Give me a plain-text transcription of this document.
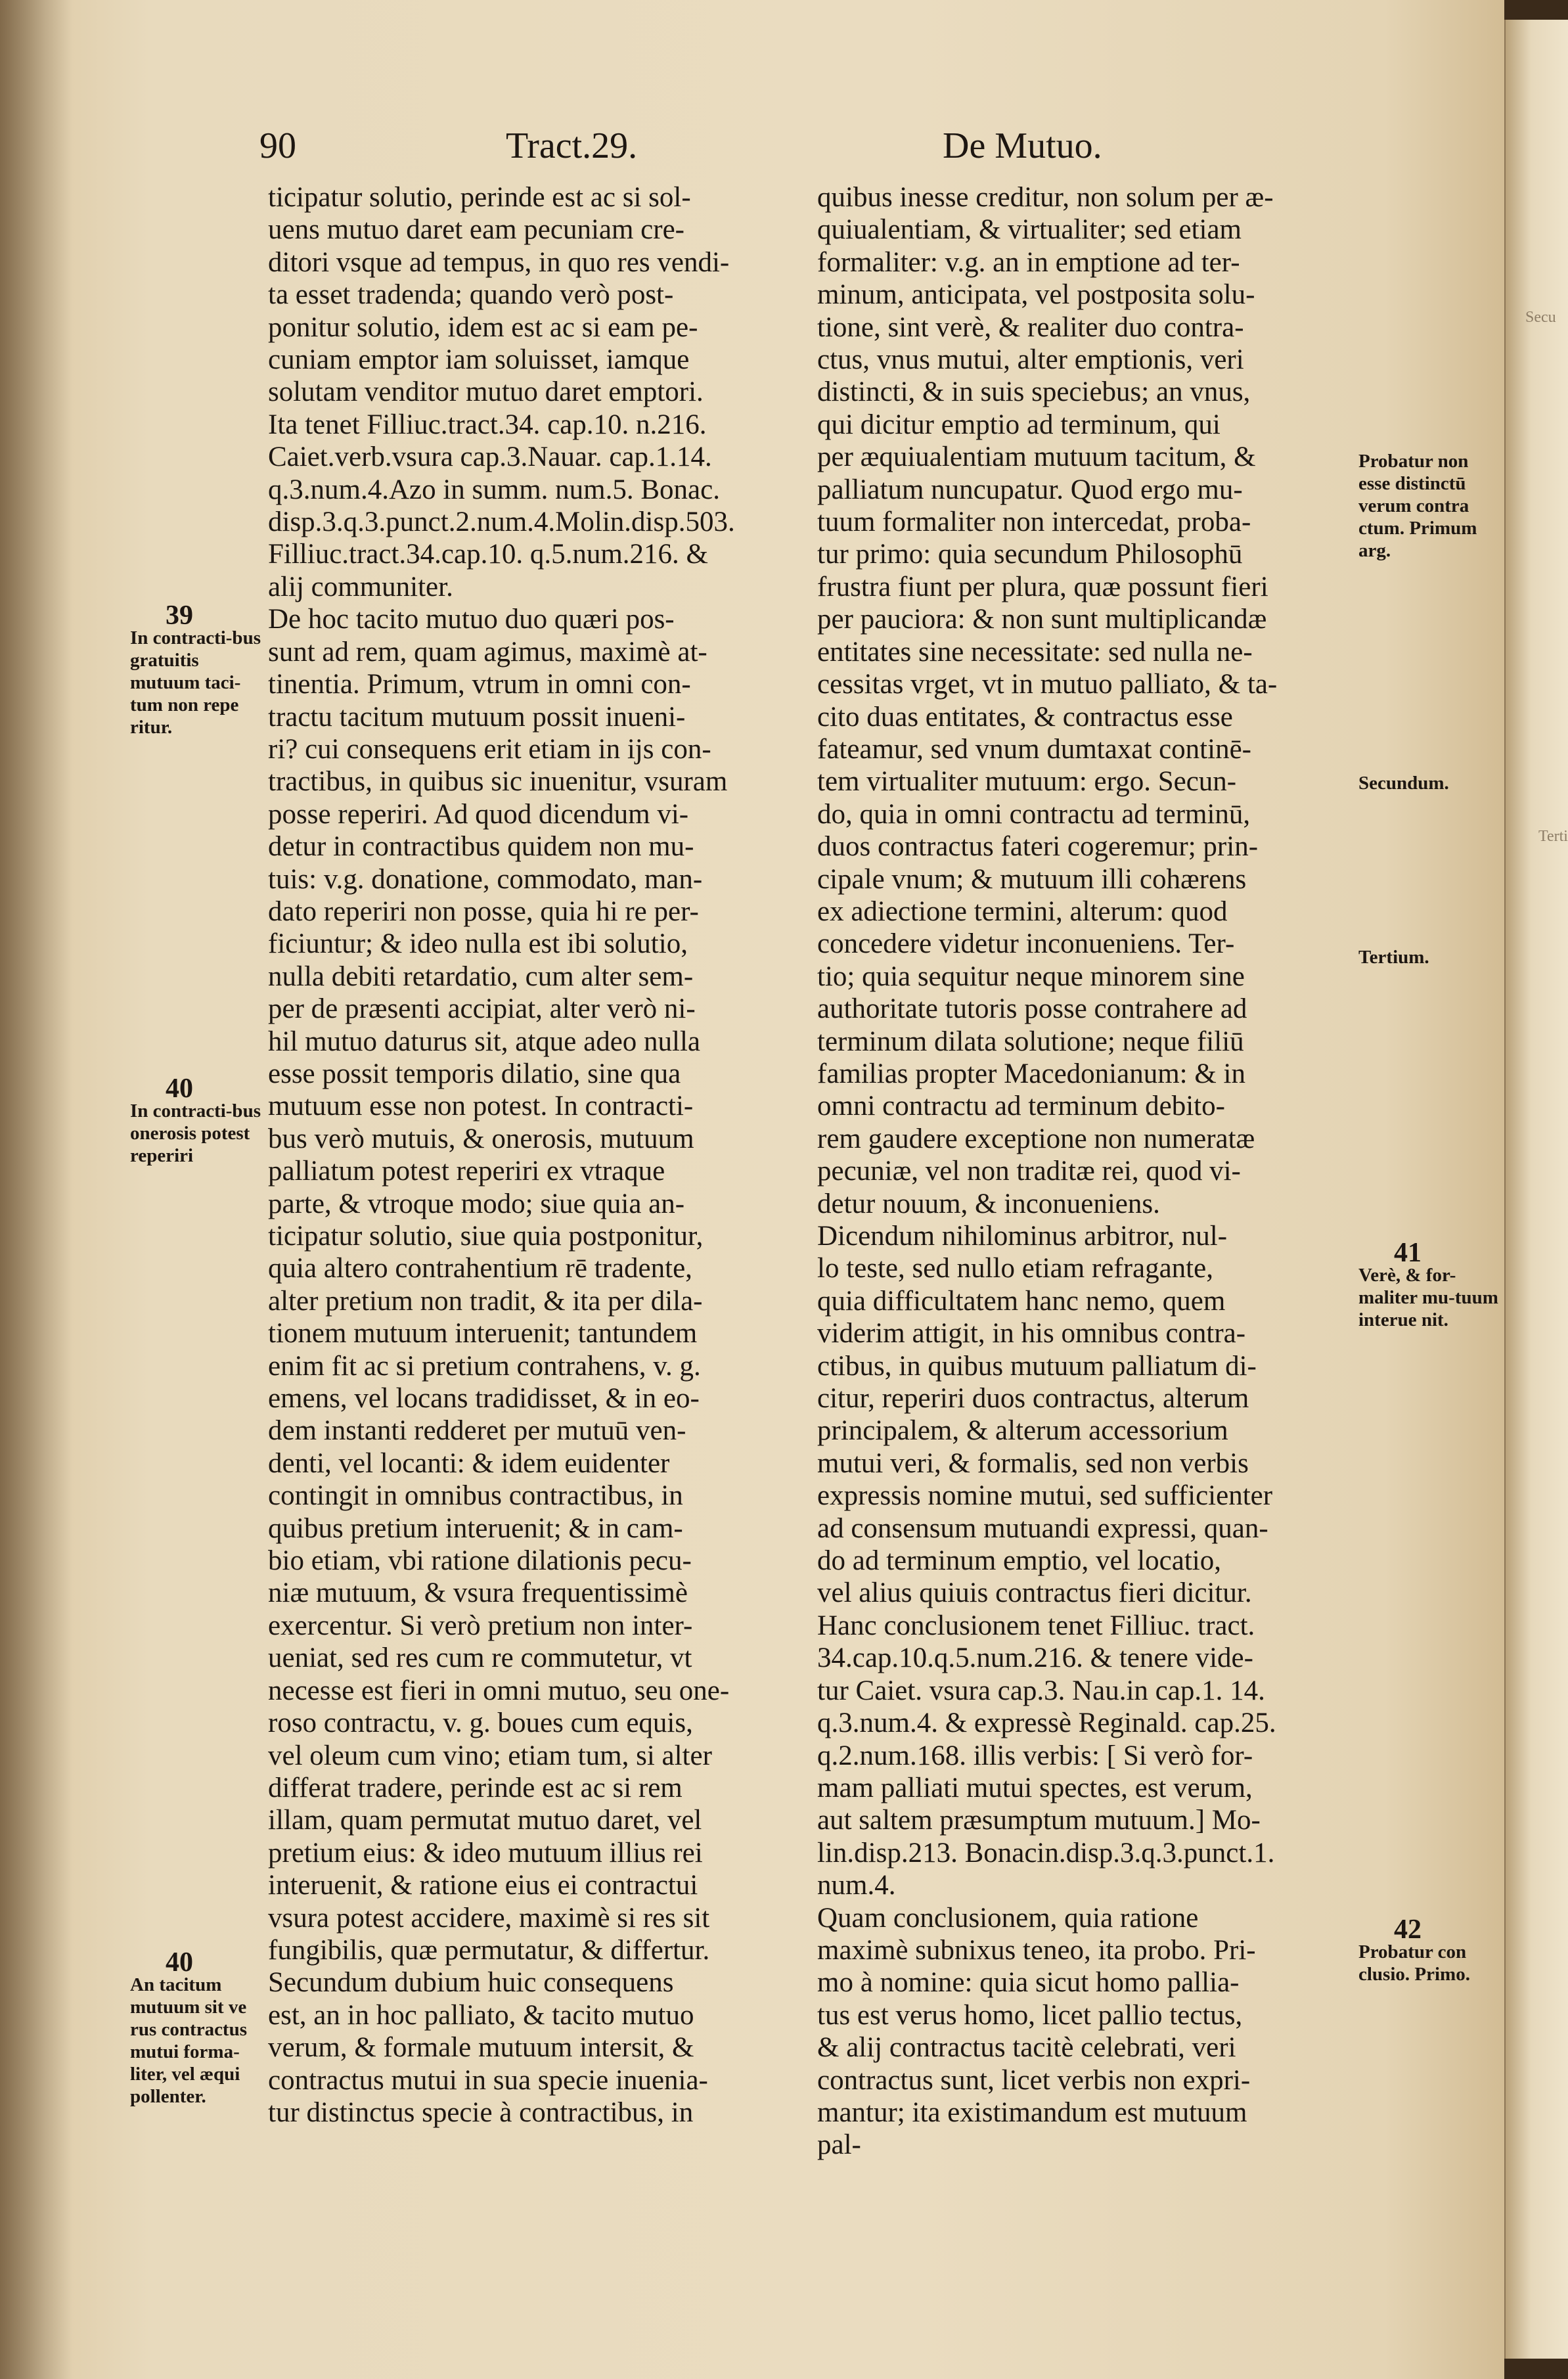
90	Tract.29.	De Mutuo.
ticipatur solutio, perinde est ac si sol-
uens mutuo daret eam pecuniam cre-
ditori vsque ad tempus, in quo res vendi-
ta esset tradenda; quando verò post-
ponitur solutio, idem est ac si eam pe-
cuniam emptor iam soluisset, iamque
solutam venditor mutuo daret emptori.
Ita tenet Filliuc.tract.34. cap.10. n.216.
Caiet.verb.vsura cap.3.Nauar. cap.1.14.
q.3.num.4.Azo in summ. num.5. Bonac.
disp.3.q.3.punct.2.num.4.Molin.disp.503.
Filliuc.tract.34.cap.10. q.5.num.216. &
alij communiter.
De hoc tacito mutuo duo quæri pos-
sunt ad rem, quam agimus, maximè at-
tinentia. Primum, vtrum in omni con-
tractu tacitum mutuum possit inueni-
ri? cui consequens erit etiam in ijs con-
tractibus, in quibus sic inuenitur, vsuram
posse reperiri. Ad quod dicendum vi-
detur in contractibus quidem non mu-
tuis: v.g. donatione, commodato, man-
dato reperiri non posse, quia hi re per-
ficiuntur; & ideo nulla est ibi solutio,
nulla debiti retardatio, cum alter sem-
per de præsenti accipiat, alter verò ni-
hil mutuo daturus sit, atque adeo nulla
esse possit temporis dilatio, sine qua
mutuum esse non potest. In contracti-
bus verò mutuis, & onerosis, mutuum
palliatum potest reperiri ex vtraque
parte, & vtroque modo; siue quia an-
ticipatur solutio, siue quia postponitur,
quia altero contrahentium rē tradente,
alter pretium non tradit, & ita per dila-
tionem mutuum interuenit; tantundem
enim fit ac si pretium contrahens, v. g.
emens, vel locans tradidisset, & in eo-
dem instanti redderet per mutuū ven-
denti, vel locanti: & idem euidenter
contingit in omnibus contractibus, in
quibus pretium interuenit; & in cam-
bio etiam, vbi ratione dilationis pecu-
niæ mutuum, & vsura frequentissimè
exercentur. Si verò pretium non inter-
ueniat, sed res cum re commutetur, vt
necesse est fieri in omni mutuo, seu one-
roso contractu, v. g. boues cum equis,
vel oleum cum vino; etiam tum, si alter
differat tradere, perinde est ac si rem
illam, quam permutat mutuo daret, vel
pretium eius: & ideo mutuum illius rei
interuenit, & ratione eius ei contractui
vsura potest accidere, maximè si res sit
fungibilis, quæ permutatur, & differtur.
Secundum dubium huic consequens
est, an in hoc palliato, & tacito mutuo
verum, & formale mutuum intersit, &
contractus mutui in sua specie inuenia-
tur distinctus specie à contractibus, in
quibus inesse creditur, non solum per æ-
quiualentiam, & virtualiter; sed etiam
formaliter: v.g. an in emptione ad ter-
minum, anticipata, vel postposita solu-
tione, sint verè, & realiter duo contra-
ctus, vnus mutui, alter emptionis, veri
distincti, & in suis speciebus; an vnus,
qui dicitur emptio ad terminum, qui
per æquiualentiam mutuum tacitum, &
palliatum nuncupatur. Quod ergo mu-
tuum formaliter non intercedat, proba-
tur primo: quia secundum Philosophū
frustra fiunt per plura, quæ possunt fieri
per pauciora: & non sunt multiplicandæ
entitates sine necessitate: sed nulla ne-
cessitas vrget, vt in mutuo palliato, & ta-
cito duas entitates, & contractus esse
fateamur, sed vnum dumtaxat continē-
tem virtualiter mutuum: ergo. Secun-
do, quia in omni contractu ad terminū,
duos contractus fateri cogeremur; prin-
cipale vnum; & mutuum illi cohærens
ex adiectione termini, alterum: quod
concedere videtur inconueniens. Ter-
tio; quia sequitur neque minorem sine
authoritate tutoris posse contrahere ad
terminum dilata solutione; neque filiū
familias propter Macedonianum: & in
omni contractu ad terminum debito-
rem gaudere exceptione non numeratæ
pecuniæ, vel non traditæ rei, quod vi-
detur nouum, & inconueniens.
Dicendum nihilominus arbitror, nul-
lo teste, sed nullo etiam refragante,
quia difficultatem hanc nemo, quem
viderim attigit, in his omnibus contra-
ctibus, in quibus mutuum palliatum di-
citur, reperiri duos contractus, alterum
principalem, & alterum accessorium
mutui veri, & formalis, sed non verbis
expressis nomine mutui, sed sufficienter
ad consensum mutuandi expressi, quan-
do ad terminum emptio, vel locatio,
vel alius quiuis contractus fieri dicitur.
Hanc conclusionem tenet Filliuc. tract.
34.cap.10.q.5.num.216. & tenere vide-
tur Caiet. vsura cap.3. Nau.in cap.1. 14.
q.3.num.4. & expressè Reginald. cap.25.
q.2.num.168. illis verbis: [ Si verò for-
mam palliati mutui spectes, est verum,
aut saltem præsumptum mutuum.] Mo-
lin.disp.213. Bonacin.disp.3.q.3.punct.1.
num.4.
Quam conclusionem, quia ratione
maximè subnixus teneo, ita probo. Pri-
mo à nomine: quia sicut homo pallia-
tus est verus homo, licet pallio tectus,
& alij contractus tacitè celebrati, veri
contractus sunt, licet verbis non expri-
mantur; ita existimandum est mutuum
pal-
39
In contracti-bus gratuitis mutuum taci-tum non repe ritur.
40
In contracti-bus onerosis potest reperiri
40
An tacitum mutuum sit ve rus contractus mutui forma-liter, vel æqui pollenter.
Probatur non esse distinctū verum contra ctum. Primum arg.
Secundum.
Tertium.
41
Verè, & for-maliter mu-tuum interue nit.
42
Probatur con clusio. Primo.
Secu
Terti
